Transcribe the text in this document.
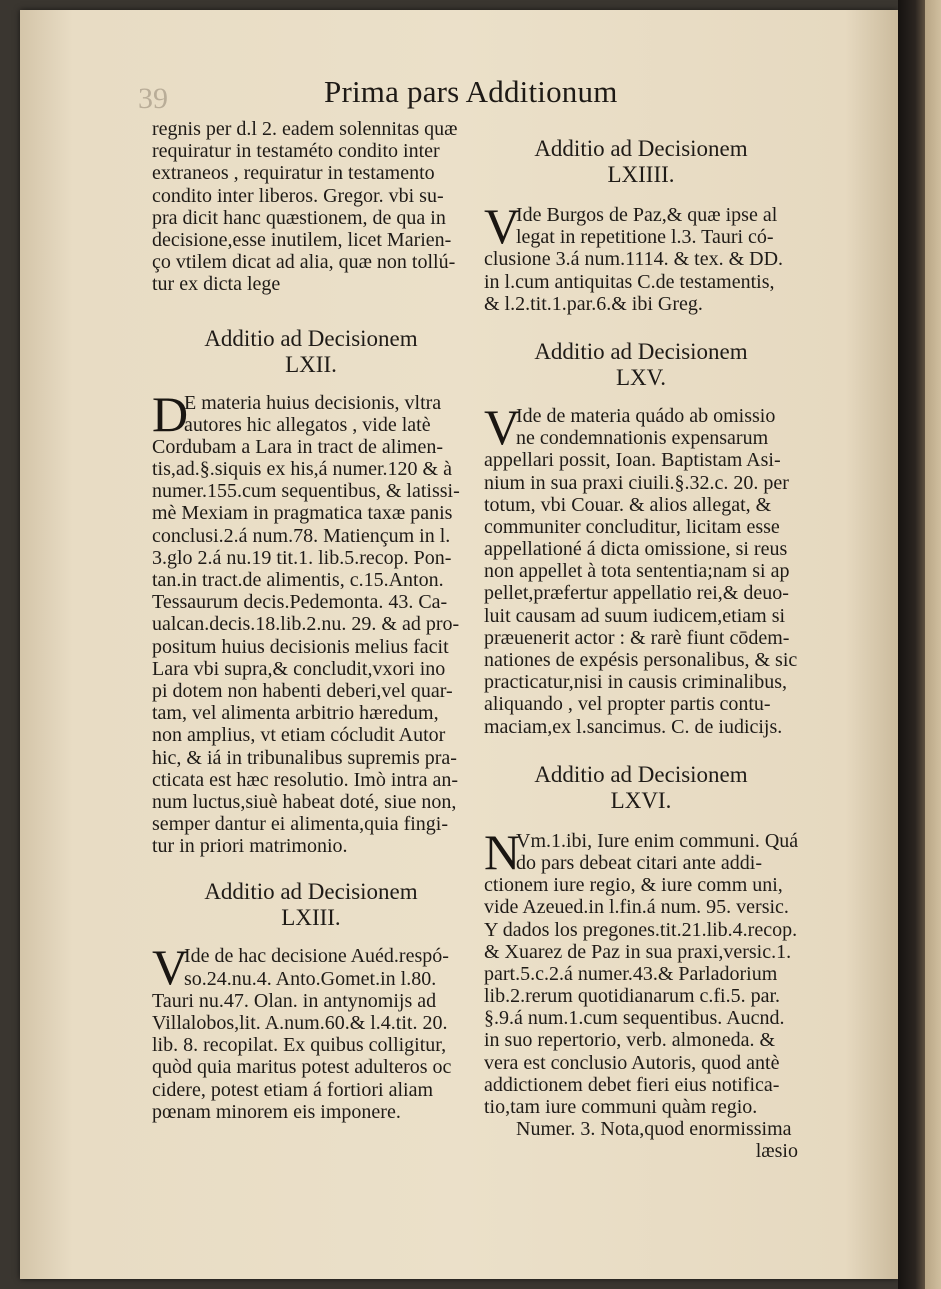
39	Prima pars Additionum
regnis per d.l 2. eadem solennitas quæ
requiratur in testaméto condito inter
extraneos , requiratur in testamento
condito inter liberos. Gregor. vbi su-
pra dicit hanc quæstionem, de qua in
decisione,esse inutilem, licet Marien-
ço vtilem dicat ad alia, quæ non tollú-
tur ex dicta lege
Additio ad Decisionem
LXII.
D
E materia huius decisionis, vltra
autores hic allegatos , vide latè
Cordubam a Lara in tract de alimen-
tis,ad.§.siquis ex his,á numer.120 & à
numer.155.cum sequentibus, & latissi-
mè Mexiam in pragmatica taxæ panis
conclusi.2.á num.78. Matiençum in l.
3.glo 2.á nu.19 tit.1. lib.5.recop. Pon-
tan.in tract.de alimentis, c.15.Anton.
Tessaurum decis.Pedemonta. 43. Ca-
ualcan.decis.18.lib.2.nu. 29. & ad pro-
positum huius decisionis melius facit
Lara vbi supra,& concludit,vxori ino
pi dotem non habenti deberi,vel quar-
tam, vel alimenta arbitrio hæredum,
non amplius, vt etiam cócludit Autor
hic, & iá in tribunalibus supremis pra-
cticata est hæc resolutio. Imò intra an-
num luctus,siuè habeat doté, siue non,
semper dantur ei alimenta,quia fingi-
tur in priori matrimonio.
Additio ad Decisionem
LXIII.
V
Ide de hac decisione Auéd.respó-
so.24.nu.4. Anto.Gomet.in l.80.
Tauri nu.47. Olan. in antynomijs ad
Villalobos,lit. A.num.60.& l.4.tit. 20.
lib. 8. recopilat. Ex quibus colligitur,
quòd quia maritus potest adulteros oc
cidere, potest etiam á fortiori aliam
pœnam minorem eis imponere.
Additio ad Decisionem
LXIIII.
V
Ide Burgos de Paz,& quæ ipse al
legat in repetitione l.3. Tauri có-
clusione 3.á num.1114. & tex. & DD.
in l.cum antiquitas C.de testamentis,
& l.2.tit.1.par.6.& ibi Greg.
Additio ad Decisionem
LXV.
V
Ide de materia quádo ab omissio
ne condemnationis expensarum
appellari possit, Ioan. Baptistam Asi-
nium in sua praxi ciuili.§.32.c. 20. per
totum, vbi Couar. & alios allegat, &
communiter concluditur, licitam esse
appellationé á dicta omissione, si reus
non appellet à tota sententia;nam si ap
pellet,præfertur appellatio rei,& deuo-
luit causam ad suum iudicem,etiam si
præuenerit actor : & rarè fiunt cōdem-
nationes de expésis personalibus, & sic
practicatur,nisi in causis criminalibus,
aliquando , vel propter partis contu-
maciam,ex l.sancimus. C. de iudicijs.
Additio ad Decisionem
LXVI.
N
Vm.1.ibi, Iure enim communi. Quá
do pars debeat citari ante addi-
ctionem iure regio, & iure comm uni,
vide Azeued.in l.fin.á num. 95. versic.
Y dados los pregones.tit.21.lib.4.recop.
& Xuarez de Paz in sua praxi,versic.1.
part.5.c.2.á numer.43.& Parladorium
lib.2.rerum quotidianarum c.fi.5. par.
§.9.á num.1.cum sequentibus. Aucnd.
in suo repertorio, verb. almoneda. &
vera est conclusio Autoris, quod antè
addictionem debet fieri eius notifica-
tio,tam iure communi quàm regio.
Numer. 3. Nota,quod enormissima
læsio
